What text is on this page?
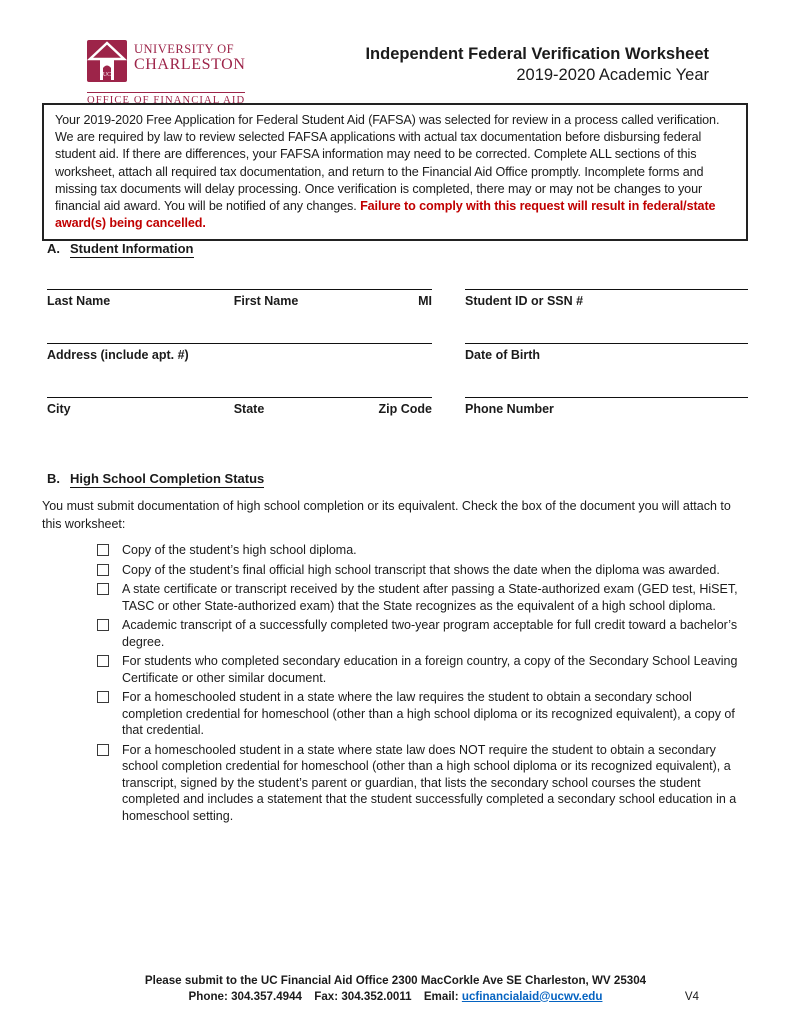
UC
UNIVERSITY OF
CHARLESTON
OFFICE OF FINANCIAL AID
Independent Federal Verification Worksheet
2019-2020 Academic Year
Your 2019-2020 Free Application for Federal Student Aid (FAFSA) was selected for review in a process called verification. We are required by law to review selected FAFSA applications with actual tax documentation before disbursing federal student aid. If there are differences, your FAFSA information may need to be corrected. Complete ALL sections of this worksheet, attach all required tax documentation, and return to the Financial Aid Office promptly. Incomplete forms and missing tax documents will delay processing. Once verification is completed, there may or may not be changes to your financial aid award. You will be notified of any changes. Failure to comply with this request will result in federal/state award(s) being cancelled.
A. Student Information
Last Name	First Name	MI	Student ID or SSN #
Address (include apt. #)	Date of Birth
City	State	Zip Code	Phone Number
B. High School Completion Status
You must submit documentation of high school completion or its equivalent. Check the box of the document you will attach to this worksheet:
Copy of the student’s high school diploma.
Copy of the student’s final official high school transcript that shows the date when the diploma was awarded.
A state certificate or transcript received by the student after passing a State-authorized exam (GED test, HiSET, TASC or other State-authorized exam) that the State recognizes as the equivalent of a high school diploma.
Academic transcript of a successfully completed two-year program acceptable for full credit toward a bachelor’s degree.
For students who completed secondary education in a foreign country, a copy of the Secondary School Leaving Certificate or other similar document.
For a homeschooled student in a state where the law requires the student to obtain a secondary school completion credential for homeschool (other than a high school diploma or its recognized equivalent), a copy of that credential.
For a homeschooled student in a state where state law does NOT require the student to obtain a secondary school completion credential for homeschool (other than a high school diploma or its recognized equivalent), a transcript, signed by the student’s parent or guardian, that lists the secondary school courses the student completed and includes a statement that the student successfully completed a secondary school education in a homeschool setting.
Please submit to the UC Financial Aid Office 2300 MacCorkle Ave SE Charleston, WV 25304
Phone: 304.357.4944 Fax: 304.352.0011 Email: ucfinancialaid@ucwv.edu	V4
